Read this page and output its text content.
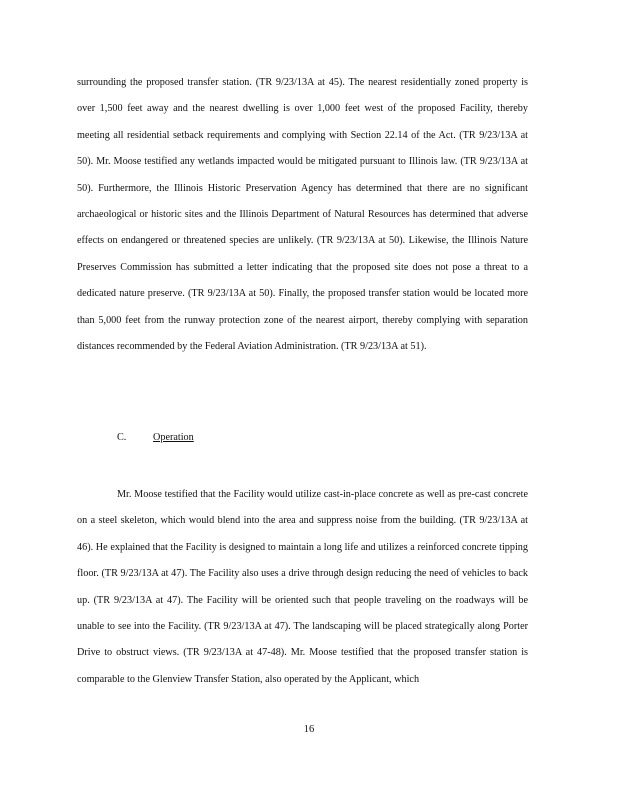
surrounding the proposed transfer station. (TR 9/23/13A at 45). The nearest residentially zoned property is over 1,500 feet away and the nearest dwelling is over 1,000 feet west of the proposed Facility, thereby meeting all residential setback requirements and complying with Section 22.14 of the Act. (TR 9/23/13A at 50). Mr. Moose testified any wetlands impacted would be mitigated pursuant to Illinois law. (TR 9/23/13A at 50). Furthermore, the Illinois Historic Preservation Agency has determined that there are no significant archaeological or historic sites and the Illinois Department of Natural Resources has determined that adverse effects on endangered or threatened species are unlikely. (TR 9/23/13A at 50). Likewise, the Illinois Nature Preserves Commission has submitted a letter indicating that the proposed site does not pose a threat to a dedicated nature preserve. (TR 9/23/13A at 50). Finally, the proposed transfer station would be located more than 5,000 feet from the runway protection zone of the nearest airport, thereby complying with separation distances recommended by the Federal Aviation Administration. (TR 9/23/13A at 51).

C.	Operation

Mr. Moose testified that the Facility would utilize cast-in-place concrete as well as pre-cast concrete on a steel skeleton, which would blend into the area and suppress noise from the building. (TR 9/23/13A at 46). He explained that the Facility is designed to maintain a long life and utilizes a reinforced concrete tipping floor. (TR 9/23/13A at 47). The Facility also uses a drive through design reducing the need of vehicles to back up. (TR 9/23/13A at 47). The Facility will be oriented such that people traveling on the roadways will be unable to see into the Facility. (TR 9/23/13A at 47). The landscaping will be placed strategically along Porter Drive to obstruct views. (TR 9/23/13A at 47-48). Mr. Moose testified that the proposed transfer station is comparable to the Glenview Transfer Station, also operated by the Applicant, which

16
